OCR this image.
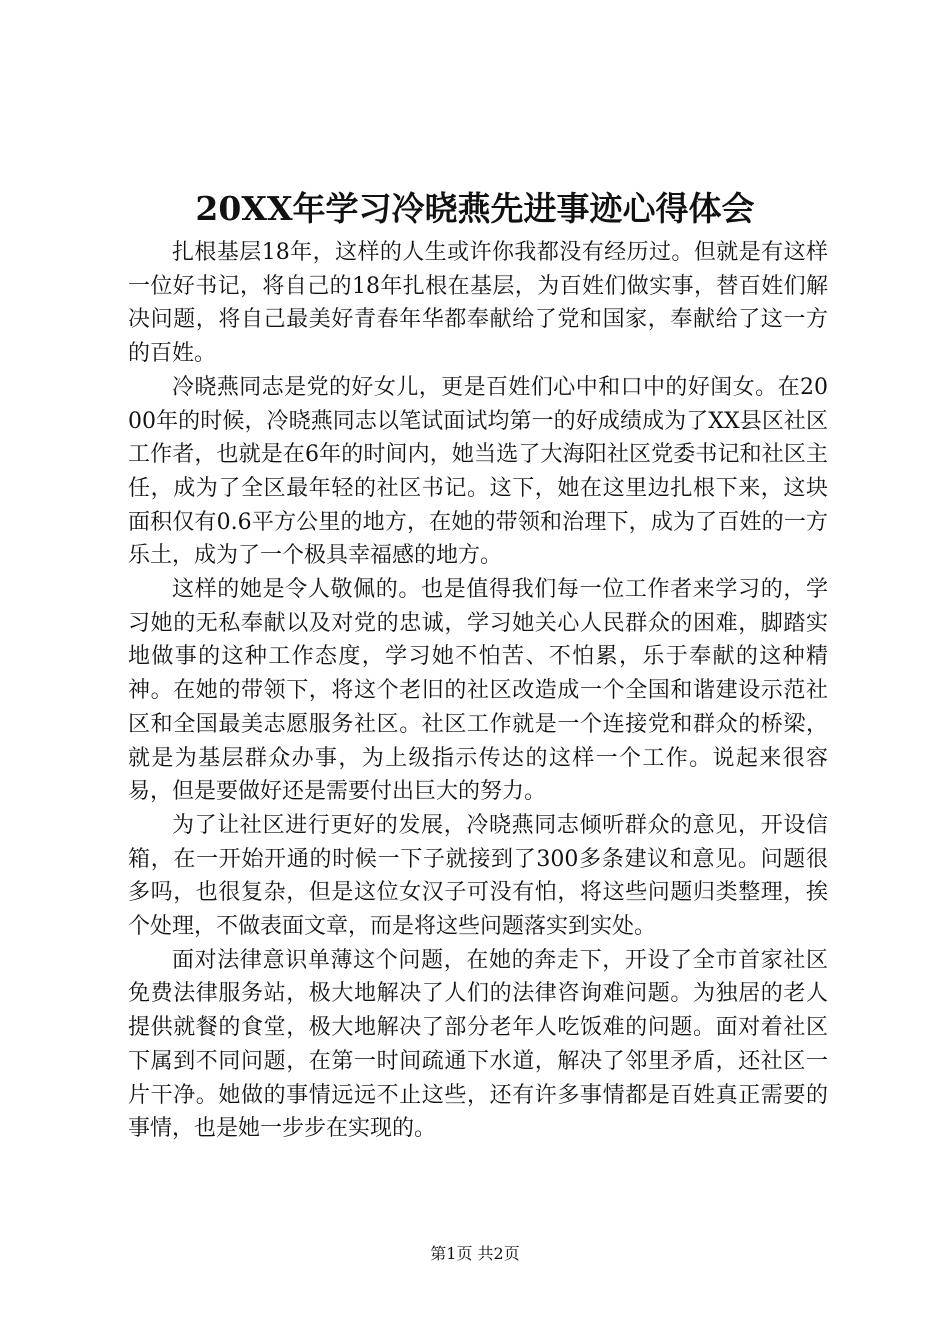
20XX年学习冷晓燕先进事迹心得体会

扎根基层18年，这样的人生或许你我都没有经历过。但就是有这样一位好书记，将自己的18年扎根在基层，为百姓们做实事，替百姓们解决问题，将自己最美好青春年华都奉献给了党和国家，奉献给了这一方的百姓。

冷晓燕同志是党的好女儿，更是百姓们心中和口中的好闺女。在2000年的时候，冷晓燕同志以笔试面试均第一的好成绩成为了XX县区社区工作者，也就是在6年的时间内，她当选了大海阳社区党委书记和社区主任，成为了全区最年轻的社区书记。这下，她在这里边扎根下来，这块面积仅有0.6平方公里的地方，在她的带领和治理下，成为了百姓的一方乐土，成为了一个极具幸福感的地方。

这样的她是令人敬佩的。也是值得我们每一位工作者来学习的，学习她的无私奉献以及对党的忠诚，学习她关心人民群众的困难，脚踏实地做事的这种工作态度，学习她不怕苦、不怕累，乐于奉献的这种精神。在她的带领下，将这个老旧的社区改造成一个全国和谐建设示范社区和全国最美志愿服务社区。社区工作就是一个连接党和群众的桥梁，就是为基层群众办事，为上级指示传达的这样一个工作。说起来很容易，但是要做好还是需要付出巨大的努力。

为了让社区进行更好的发展，冷晓燕同志倾听群众的意见，开设信箱，在一开始开通的时候一下子就接到了300多条建议和意见。问题很多吗，也很复杂，但是这位女汉子可没有怕，将这些问题归类整理，挨个处理，不做表面文章，而是将这些问题落实到实处。

面对法律意识单薄这个问题，在她的奔走下，开设了全市首家社区免费法律服务站，极大地解决了人们的法律咨询难问题。为独居的老人提供就餐的食堂，极大地解决了部分老年人吃饭难的问题。面对着社区下属到不同问题，在第一时间疏通下水道，解决了邻里矛盾，还社区一片干净。她做的事情远远不止这些，还有许多事情都是百姓真正需要的事情，也是她一步步在实现的。

第1页 共2页
